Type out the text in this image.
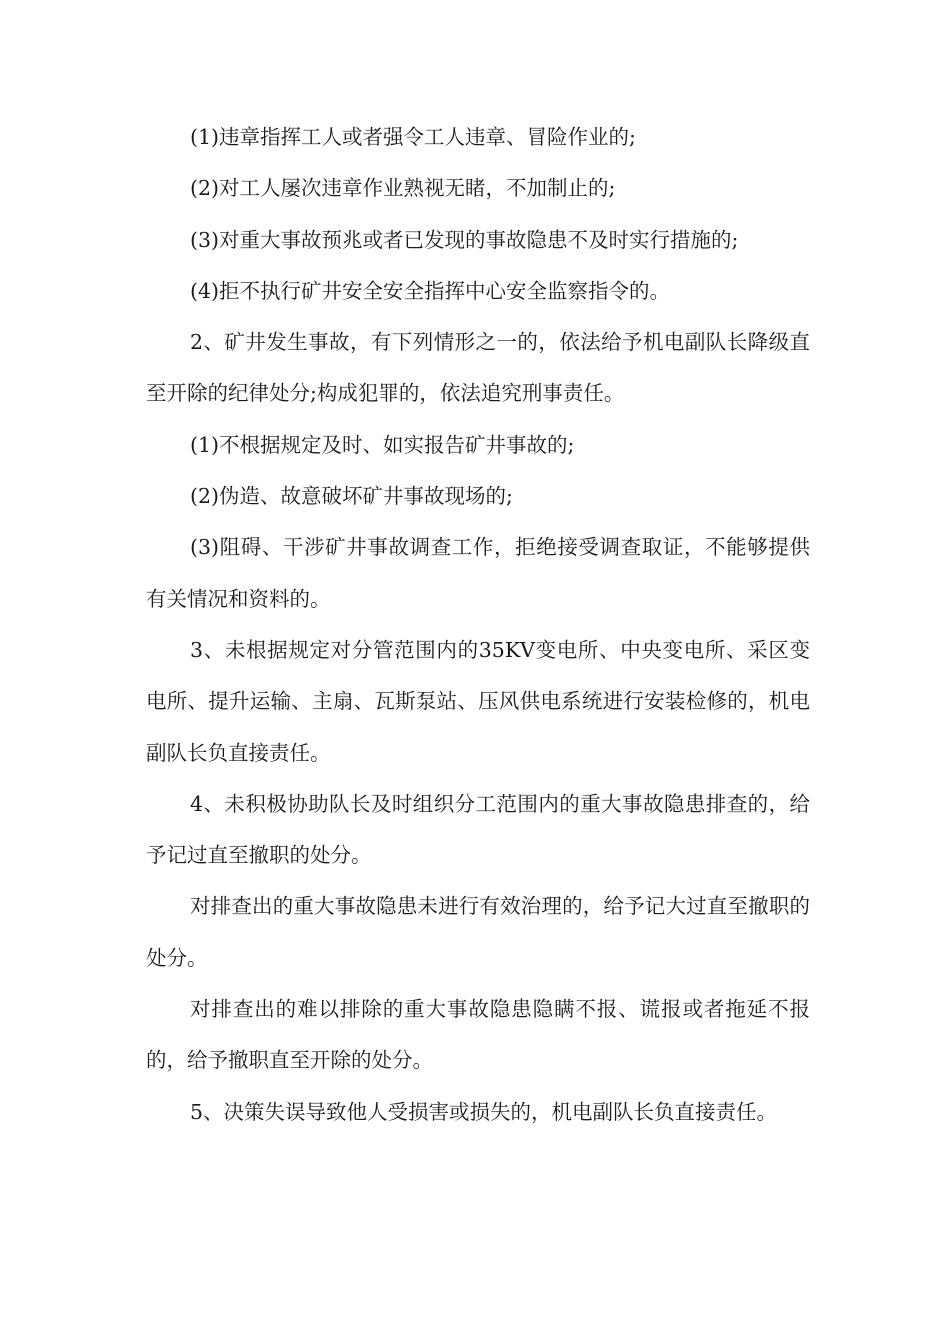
(1)违章指挥工人或者强令工人违章、冒险作业的;

(2)对工人屡次违章作业熟视无睹，不加制止的;

(3)对重大事故预兆或者已发现的事故隐患不及时实行措施的;

(4)拒不执行矿井安全安全指挥中心安全监察指令的。

2、矿井发生事故，有下列情形之一的，依法给予机电副队长降级直至开除的纪律处分;构成犯罪的，依法追究刑事责任。

(1)不根据规定及时、如实报告矿井事故的;

(2)伪造、故意破坏矿井事故现场的;

(3)阻碍、干涉矿井事故调查工作，拒绝接受调查取证，不能够提供有关情况和资料的。

3、未根据规定对分管范围内的35KV变电所、中央变电所、采区变电所、提升运输、主扇、瓦斯泵站、压风供电系统进行安装检修的，机电副队长负直接责任。

4、未积极协助队长及时组织分工范围内的重大事故隐患排查的，给予记过直至撤职的处分。

对排查出的重大事故隐患未进行有效治理的，给予记大过直至撤职的处分。

对排查出的难以排除的重大事故隐患隐瞒不报、谎报或者拖延不报的，给予撤职直至开除的处分。

5、决策失误导致他人受损害或损失的，机电副队长负直接责任。
